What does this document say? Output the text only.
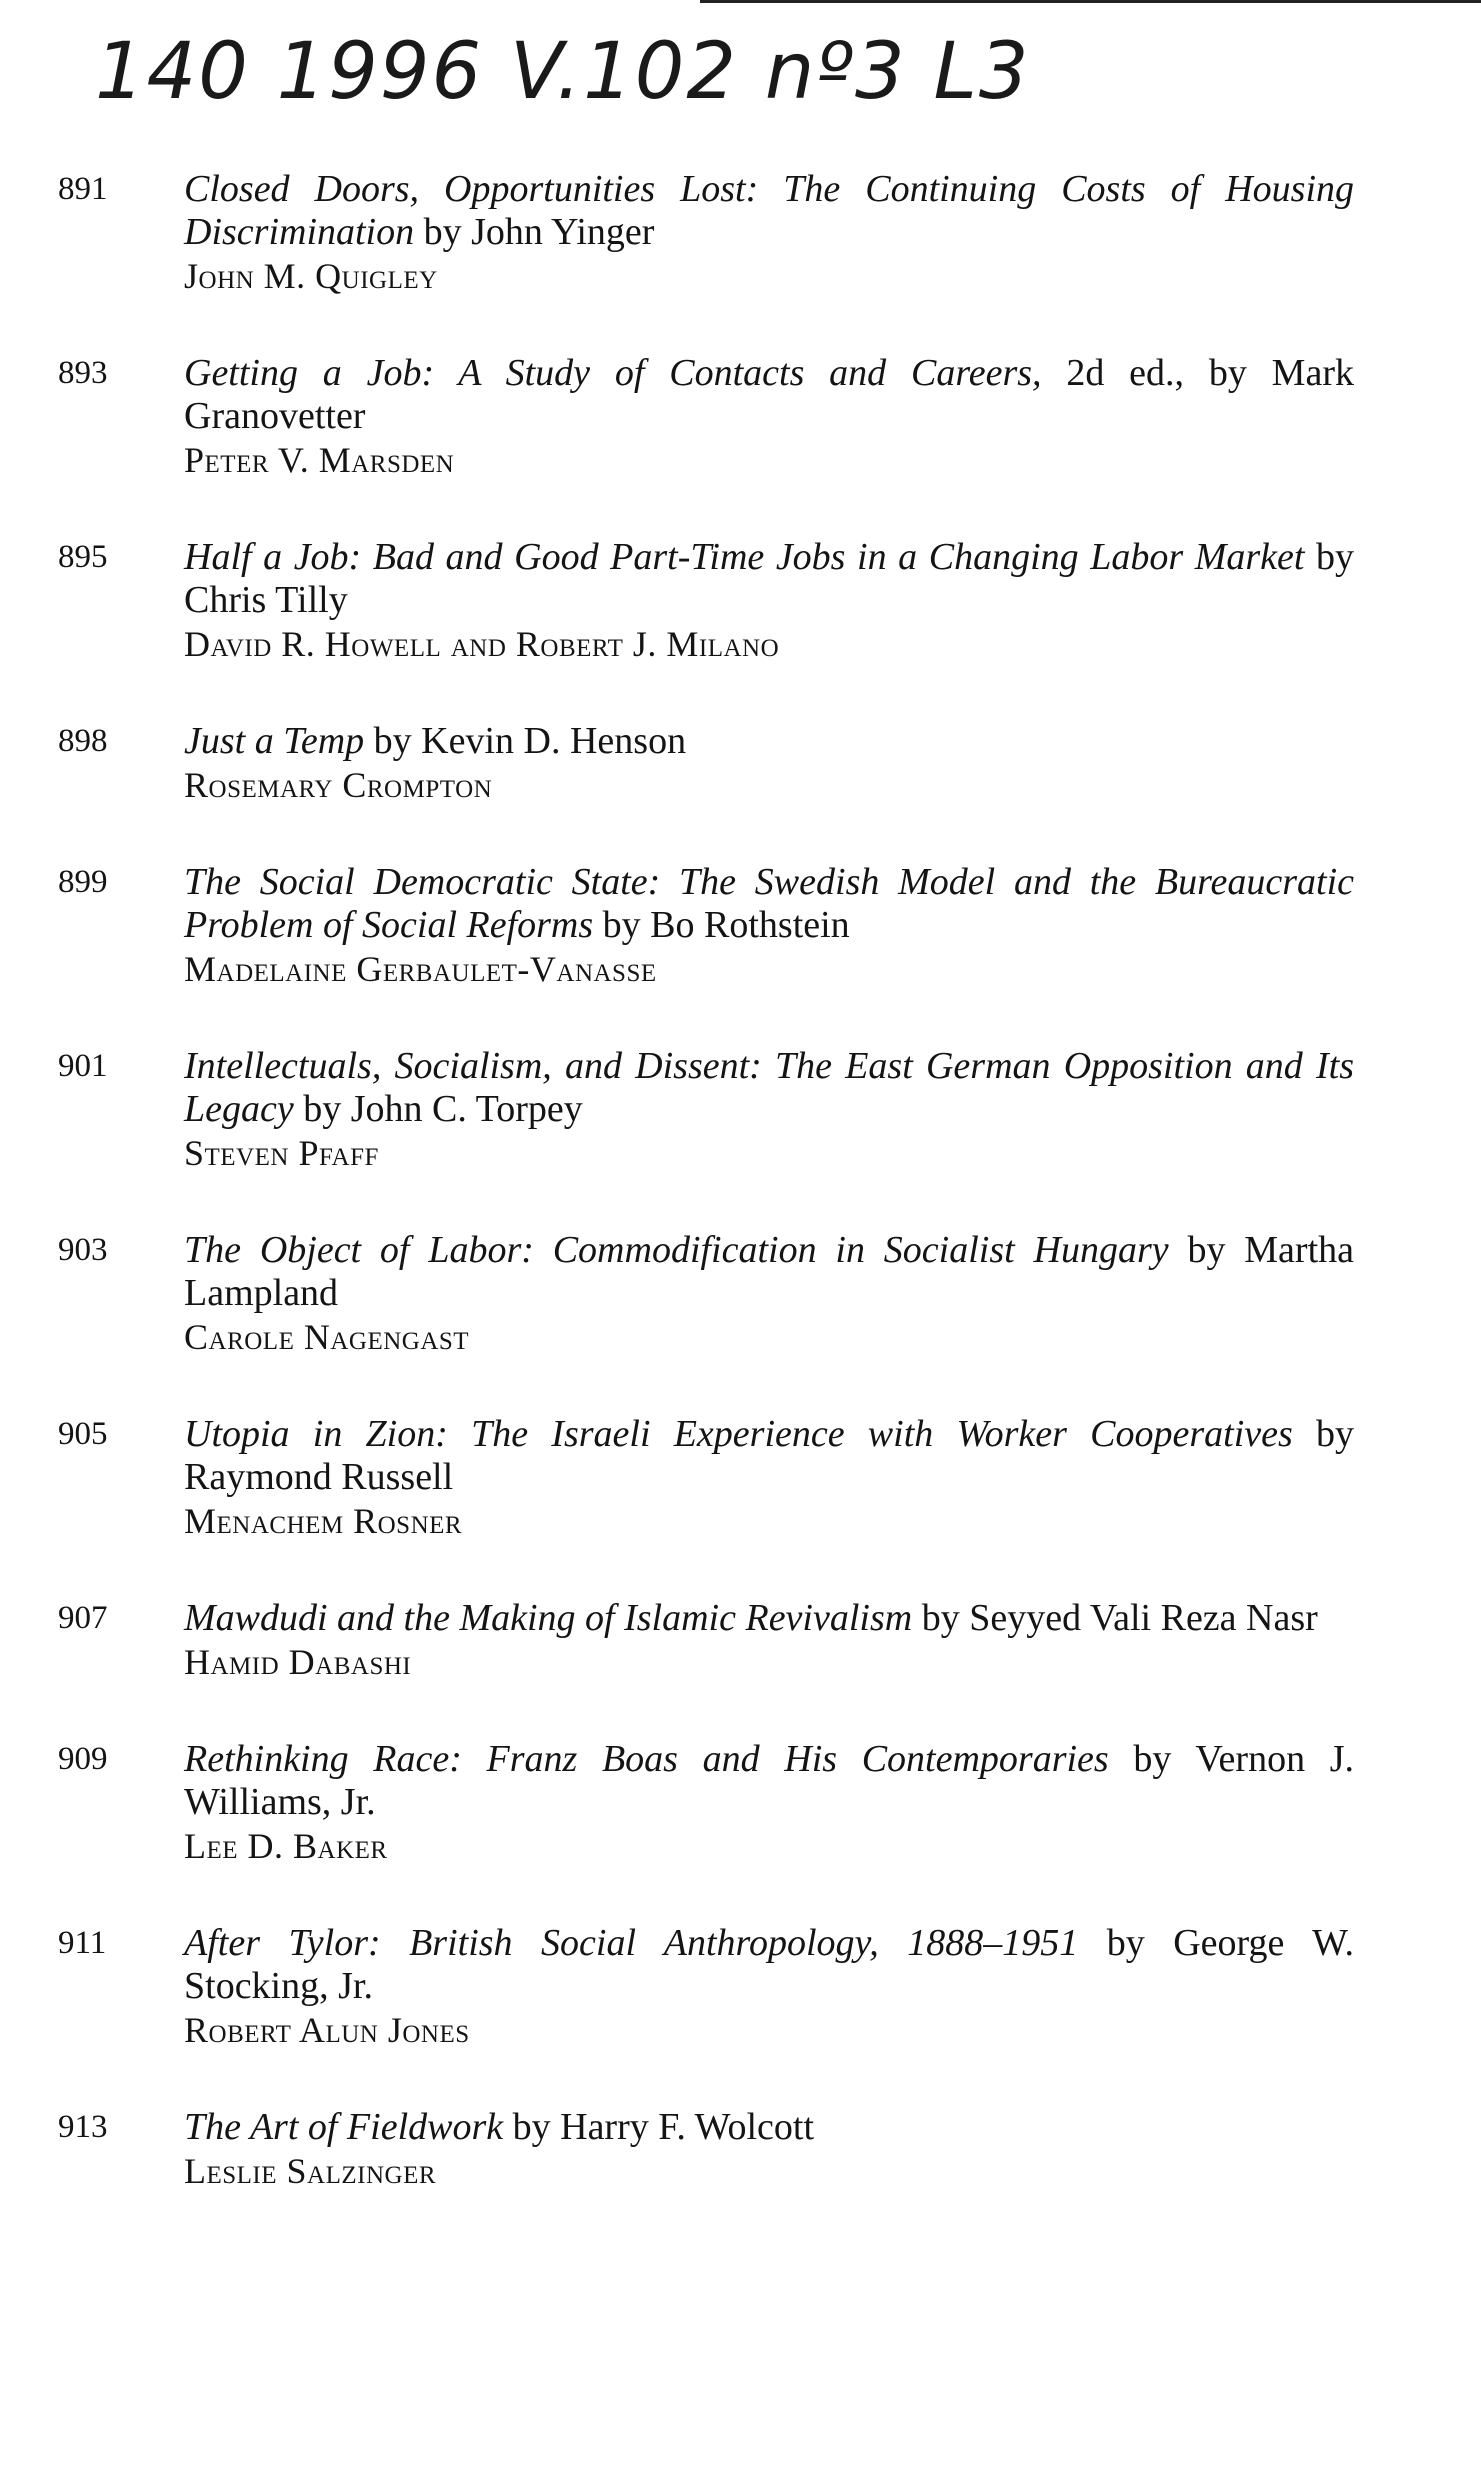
140 1996 V.102 nº3 L3
891 Closed Doors, Opportunities Lost: The Continuing Costs of Housing Discrimination by John Yinger
John M. Quigley
893 Getting a Job: A Study of Contacts and Careers, 2d ed., by Mark Granovetter
Peter V. Marsden
895 Half a Job: Bad and Good Part-Time Jobs in a Changing Labor Market by Chris Tilly
David R. Howell and Robert J. Milano
898 Just a Temp by Kevin D. Henson
Rosemary Crompton
899 The Social Democratic State: The Swedish Model and the Bureaucratic Problem of Social Reforms by Bo Rothstein
Madelaine Gerbaulet-Vanasse
901 Intellectuals, Socialism, and Dissent: The East German Opposition and Its Legacy by John C. Torpey
Steven Pfaff
903 The Object of Labor: Commodification in Socialist Hungary by Martha Lampland
Carole Nagengast
905 Utopia in Zion: The Israeli Experience with Worker Cooperatives by Raymond Russell
Menachem Rosner
907 Mawdudi and the Making of Islamic Revivalism by Seyyed Vali Reza Nasr
Hamid Dabashi
909 Rethinking Race: Franz Boas and His Contemporaries by Vernon J. Williams, Jr.
Lee D. Baker
911 After Tylor: British Social Anthropology, 1888–1951 by George W. Stocking, Jr.
Robert Alun Jones
913 The Art of Fieldwork by Harry F. Wolcott
Leslie Salzinger
